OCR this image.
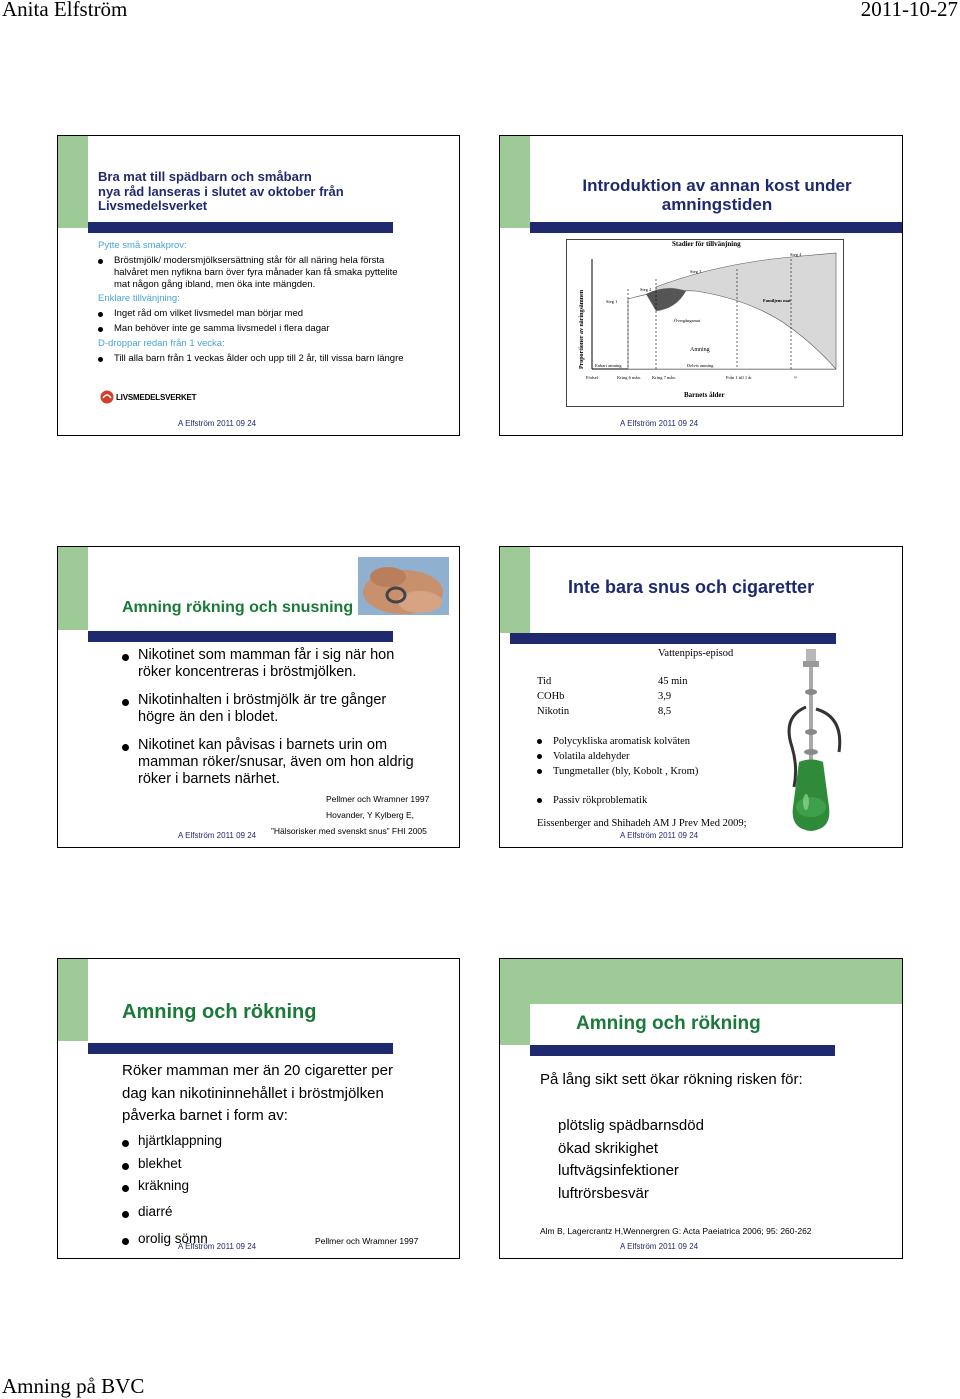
Anita Elfström	2011-10-27
Amning på BVC
Bra mat till spädbarn och småbarn
nya råd lanseras i slutet av oktober från
Livsmedelsverket
Pytte små smakprov:
Bröstmjölk/ modersmjölksersättning står för all näring hela första
halvåret men nyfikna barn över fyra månader kan få smaka pyttelite
mat någon gång ibland, men öka inte mängden.
Enklare tillvänjning:
Inget råd om vilket livsmedel man börjar med
Man behöver inte ge samma livsmedel i flera dagar
D-droppar redan från 1 vecka:
Till alla barn från 1 veckas ålder och upp till 2 år, till vissa barn längre
LIVSMEDELSVERKET
A Elfström 2011 09 24
Introduktion av annan kost under
amningstiden
Stadier för tillvänjning
Steg 4
Steg 3
Steg 2
Steg 1	Familjens mat
Övergångsmat
Amning
Enbart amning	Delvis amning
Födsel	Kring 6 mån. Kring 7 mån.	Från 1 till 1 år	≈
Barnets ålder
Proportioner av näringsämnen
A Elfström 2011 09 24
Amning rökning och snusning
Nikotinet som mamman får i sig när hon
röker koncentreras i bröstmjölken.
Nikotinhalten i bröstmjölk är tre gånger
högre än den i blodet.
Nikotinet kan påvisas i barnets urin om
mamman röker/snusar, även om hon aldrig
röker i barnets närhet.
Pellmer och Wramner 1997
Hovander, Y Kylberg E,
”Hälsorisker med svenskt snus” FHI 2005
A Elfström 2011 09 24
Inte bara snus och cigaretter
Vattenpips-episod
Tid	45 min
COHb	3,9
Nikotin	8,5
Polycykliska aromatisk kolväten
Volatila aldehyder
Tungmetaller (bly, Kobolt , Krom)
Passiv rökproblematik
Eissenberger and Shihadeh AM J Prev Med 2009;
A Elfström 2011 09 24
Amning och rökning
Röker mamman mer än 20 cigaretter per
dag kan nikotininnehållet i bröstmjölken
påverka barnet i form av:
hjärtklappning
blekhet
kräkning
diarré
orolig sömn
A Elfström 2011 09 24
Pellmer och Wramner 1997
Amning och rökning
På lång sikt sett ökar rökning risken för:
plötslig spädbarnsdöd
ökad skrikighet
luftvägsinfektioner
luftrörsbesvär
Alm B, Lagercrantz H,Wennergren G: Acta Paeiatrica 2006; 95: 260-262
A Elfström 2011 09 24
